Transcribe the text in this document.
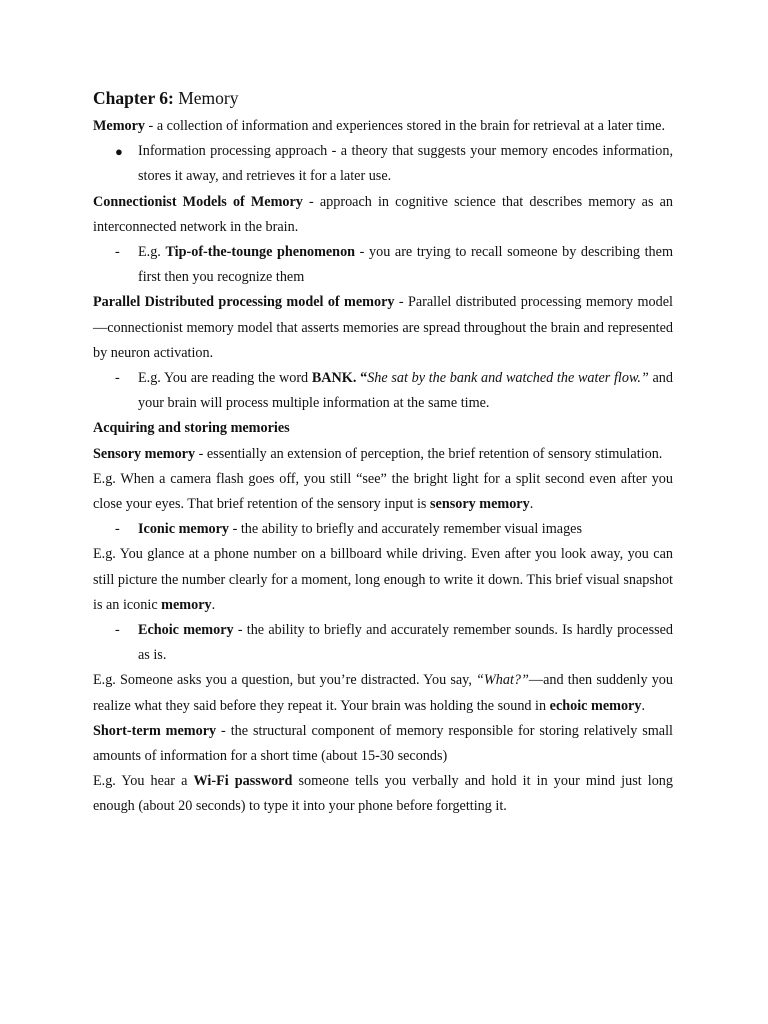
Chapter 6: Memory

Memory - a collection of information and experiences stored in the brain for retrieval at a later time.

●	Information processing approach - a theory that suggests your memory encodes information, stores it away, and retrieves it for a later use.

Connectionist Models of Memory - approach in cognitive science that describes memory as an interconnected network in the brain.

-	E.g. Tip-of-the-tounge phenomenon - you are trying to recall someone by describing them first then you recognize them

Parallel Distributed processing model of memory - Parallel distributed processing memory model—connectionist memory model that asserts memories are spread throughout the brain and represented by neuron activation.

-	E.g. You are reading the word BANK. “She sat by the bank and watched the water flow.” and your brain will process multiple information at the same time.

Acquiring and storing memories

Sensory memory - essentially an extension of perception, the brief retention of sensory stimulation.

E.g. When a camera flash goes off, you still “see” the bright light for a split second even after you close your eyes. That brief retention of the sensory input is sensory memory.

-	Iconic memory - the ability to briefly and accurately remember visual images

E.g. You glance at a phone number on a billboard while driving. Even after you look away, you can still picture the number clearly for a moment, long enough to write it down. This brief visual snapshot is an iconic memory.

-	Echoic memory - the ability to briefly and accurately remember sounds. Is hardly processed as is.

E.g. Someone asks you a question, but you’re distracted. You say, “What?”—and then suddenly you realize what they said before they repeat it. Your brain was holding the sound in echoic memory.

Short-term memory - the structural component of memory responsible for storing relatively small amounts of information for a short time (about 15-30 seconds)

E.g. You hear a Wi-Fi password someone tells you verbally and hold it in your mind just long enough (about 20 seconds) to type it into your phone before forgetting it.
